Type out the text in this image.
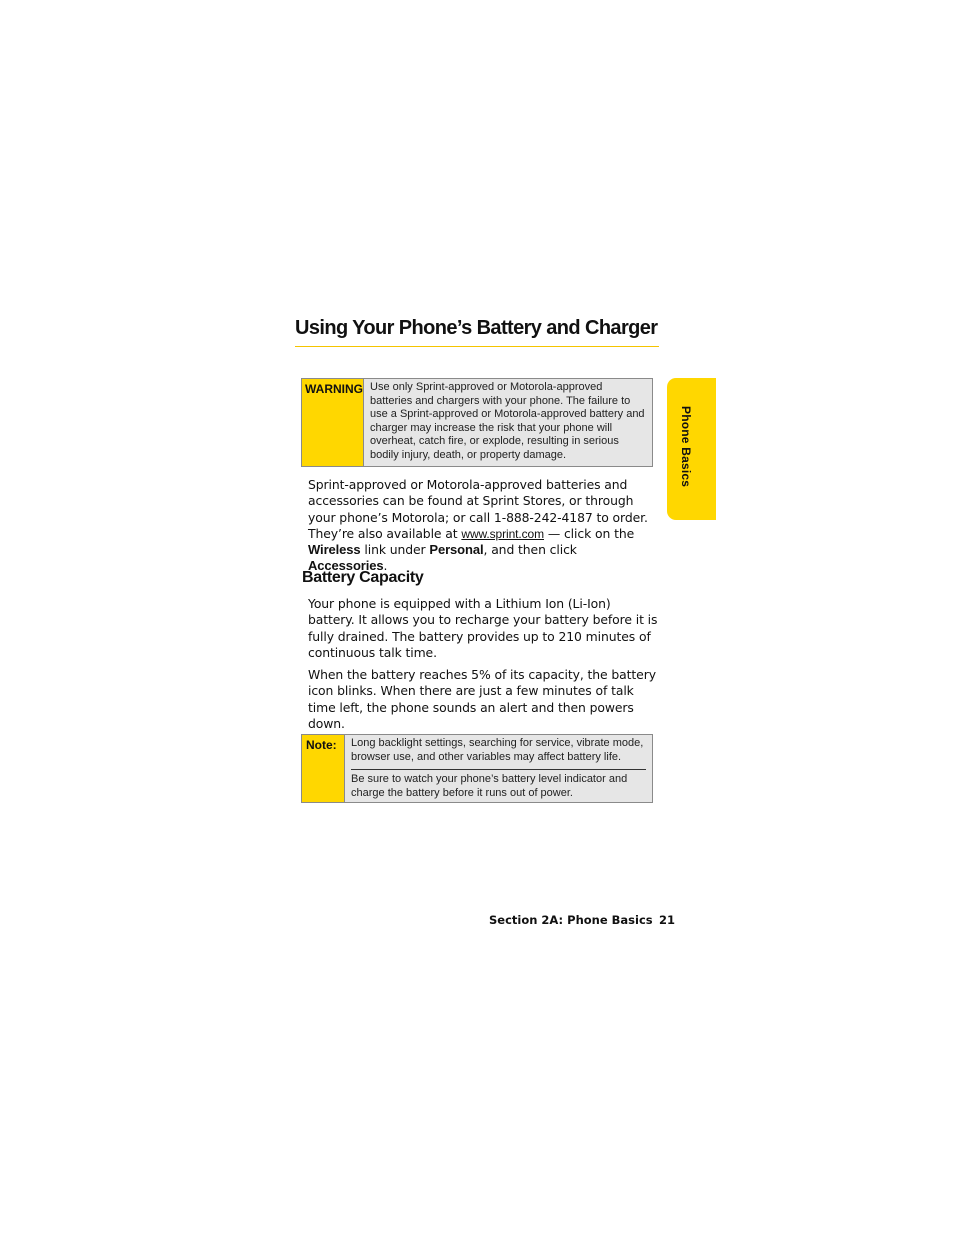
Using Your Phone’s Battery and Charger
WARNING Use only Sprint-approved or Motorola-approved batteries and chargers with your phone. The failure to use a Sprint-approved or Motorola-approved battery and charger may increase the risk that your phone will overheat, catch fire, or explode, resulting in serious bodily injury, death, or property damage.

Sprint-approved or Motorola-approved batteries and accessories can be found at Sprint Stores, or through your phone’s Motorola; or call 1-888-242-4187 to order. They’re also available at www.sprint.com — click on the Wireless link under Personal, and then click Accessories.

Battery Capacity

Your phone is equipped with a Lithium Ion (Li-Ion) battery. It allows you to recharge your battery before it is fully drained. The battery provides up to 210 minutes of continuous talk time.

When the battery reaches 5% of its capacity, the battery icon blinks. When there are just a few minutes of talk time left, the phone sounds an alert and then powers down.

Note:	Long backlight settings, searching for service, vibrate mode, browser use, and other variables may affect battery life.

Be sure to watch your phone’s battery level indicator and charge the battery before it runs out of power.

Phone Basics
Section 2A: Phone Basics 21
